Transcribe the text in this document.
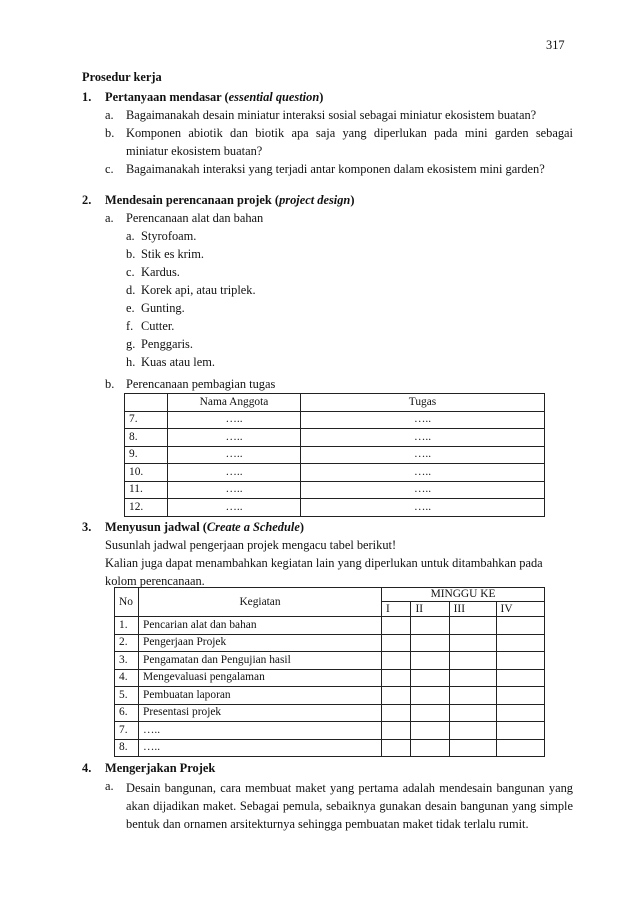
317
Prosedur kerja
1. Pertanyaan mendasar (essential question)
a. Bagaimanakah desain miniatur interaksi sosial sebagai miniatur ekosistem buatan?
b. Komponen abiotik dan biotik apa saja yang diperlukan pada mini garden sebagai
miniatur ekosistem buatan?
c. Bagaimanakah interaksi yang terjadi antar komponen dalam ekosistem mini garden?
2. Mendesain perencanaan projek (project design)
a. Perencanaan alat dan bahan
a. Styrofoam.
b. Stik es krim.
c. Kardus.
d. Korek api, atau triplek.
e. Gunting.
f. Cutter.
g. Penggaris.
h. Kuas atau lem.
b. Perencanaan pembagian tugas
	Nama Anggota	Tugas
7.	…..	…..
8.	…..	…..
9.	…..	…..
10.	…..	…..
11.	…..	…..
12.	…..	…..
3. Menyusun jadwal (Create a Schedule)
Susunlah jadwal pengerjaan projek mengacu tabel berikut!
Kalian juga dapat menambahkan kegiatan lain yang diperlukan untuk ditambahkan pada
kolom perencanaan.
No	Kegiatan	MINGGU KE			
		I	II	III	IV
1.	Pencarian alat dan bahan				
2.	Pengerjaan Projek				
3.	Pengamatan dan Pengujian hasil				
4.	Mengevaluasi pengalaman				
5.	Pembuatan laporan				
6.	Presentasi projek				
7.	…..				
8.	…..				
4. Mengerjakan Projek
a. Desain bangunan, cara membuat maket yang pertama adalah mendesain bangunan yang akan dijadikan maket. Sebagai pemula, sebaiknya gunakan desain bangunan yang simple bentuk dan ornamen arsitekturnya sehingga pembuatan maket tidak terlalu rumit.
